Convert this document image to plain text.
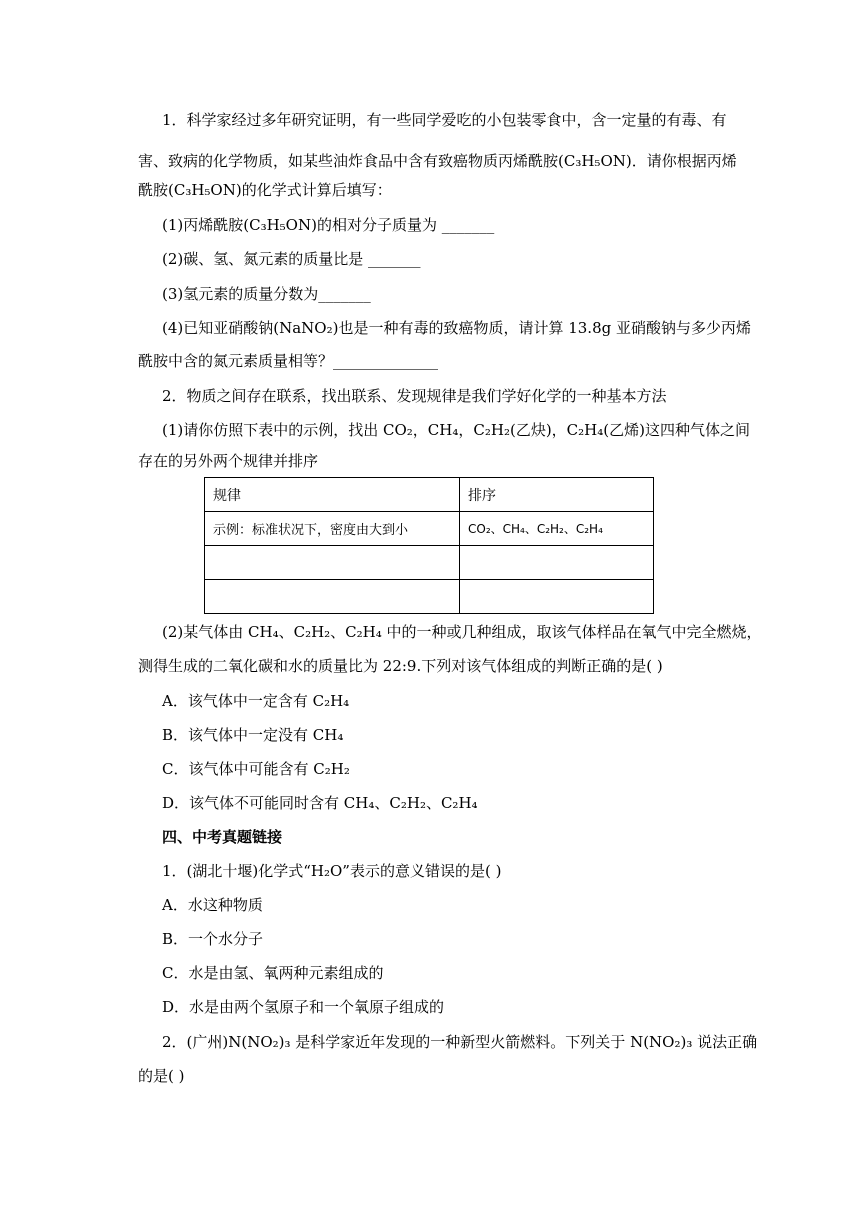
1．科学家经过多年研究证明，有一些同学爱吃的小包装零食中，含一定量的有毒、有
害、致病的化学物质，如某些油炸食品中含有致癌物质丙烯酰胺(C₃H₅ON)．请你根据丙烯
酰胺(C₃H₅ON)的化学式计算后填写：
(1)丙烯酰胺(C₃H₅ON)的相对分子质量为 _______
(2)碳、氢、氮元素的质量比是 _______
(3)氢元素的质量分数为_______
(4)已知亚硝酸钠(NaNO₂)也是一种有毒的致癌物质，请计算 13.8g 亚硝酸钠与多少丙烯
酰胺中含的氮元素质量相等？______________
2．物质之间存在联系，找出联系、发现规律是我们学好化学的一种基本方法
(1)请你仿照下表中的示例，找出 CO₂，CH₄，C₂H₂(乙炔)，C₂H₄(乙烯)这四种气体之间
存在的另外两个规律并排序
规律	排序
示例：标准状况下，密度由大到小	CO₂、CH₄、C₂H₂、C₂H₄

(2)某气体由 CH₄、C₂H₂、C₂H₄ 中的一种或几种组成，取该气体样品在氧气中完全燃烧，
测得生成的二氧化碳和水的质量比为 22:9.下列对该气体组成的判断正确的是( )
A．该气体中一定含有 C₂H₄
B．该气体中一定没有 CH₄
C．该气体中可能含有 C₂H₂
D．该气体不可能同时含有 CH₄、C₂H₂、C₂H₄
四、中考真题链接
1．(湖北十堰)化学式“H₂O”表示的意义错误的是( )
A．水这种物质
B．一个水分子
C．水是由氢、氧两种元素组成的
D．水是由两个氢原子和一个氧原子组成的
2．(广州)N(NO₂)₃ 是科学家近年发现的一种新型火箭燃料。下列关于 N(NO₂)₃ 说法正确
的是( )
